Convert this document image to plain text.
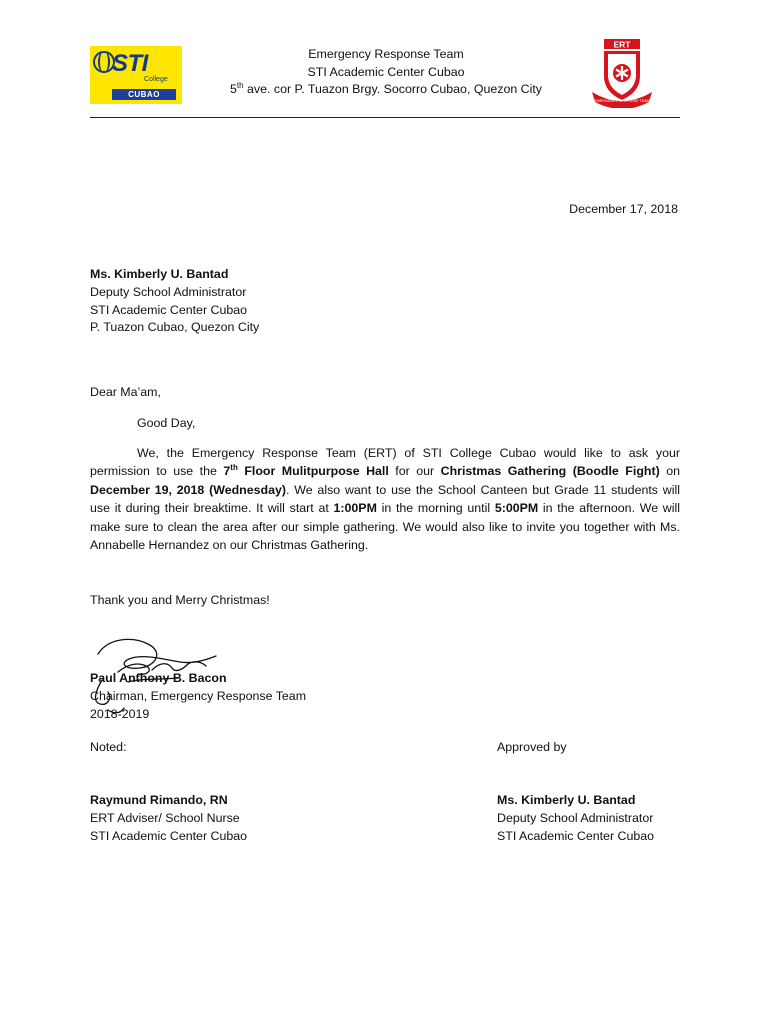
STI
College
CUBAO
Emergency Response Team
STI Academic Center Cubao
5th ave. cor P. Tuazon Brgy. Socorro Cubao, Quezon City
ERT
EMERGENCY RESPONSE TEAM
December 17, 2018
Ms. Kimberly U. Bantad
Deputy School Administrator
STI Academic Center Cubao
P. Tuazon Cubao, Quezon City
Dear Ma’am,
Good Day,
We, the Emergency Response Team (ERT) of STI College Cubao would like to ask your permission to use the 7th Floor Mulitpurpose Hall for our Christmas Gathering (Boodle Fight) on December 19, 2018 (Wednesday). We also want to use the School Canteen but Grade 11 students will use it during their breaktime. It will start at 1:00PM in the morning until 5:00PM in the afternoon. We will make sure to clean the area after our simple gathering. We would also like to invite you together with Ms. Annabelle Hernandez on our Christmas Gathering.
Thank you and Merry Christmas!
Paul Anthony B. Bacon
Chairman, Emergency Response Team
2018-2019
Noted:	Approved by
Raymund Rimando, RN
ERT Adviser/ School Nurse
STI Academic Center Cubao
Ms. Kimberly U. Bantad
Deputy School Administrator
STI Academic Center Cubao
